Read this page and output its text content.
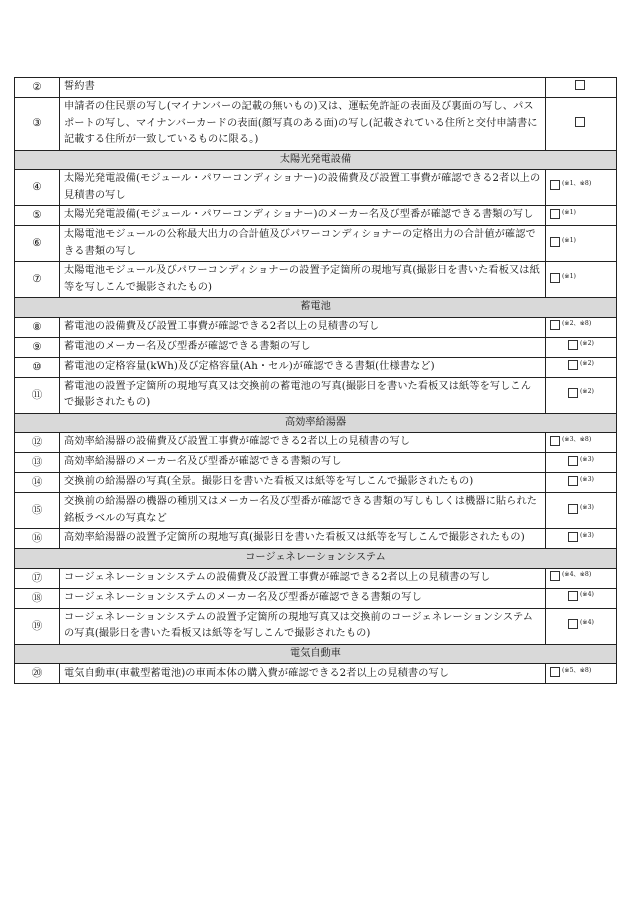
②	誓約書	
③	申請者の住民票の写し(マイナンバーの記載の無いもの)又は、運転免許証の表面及び裏面の写し、パスポートの写し、マイナンバーカードの表面(顔写真のある面)の写し(記載されている住所と交付申請書に記載する住所が一致しているものに限る。)	
太陽光発電設備		
④	太陽光発電設備(モジュール・パワーコンディショナー)の設備費及び設置工事費が確認できる2者以上の見積書の写し	$^{(※1、※8)}$
⑤	太陽光発電設備(モジュール・パワーコンディショナー)のメーカー名及び型番が確認できる書類の写し	$^{(※1)}$
⑥	太陽電池モジュールの公称最大出力の合計値及びパワーコンディショナーの定格出力の合計値が確認できる書類の写し	$^{(※1)}$
⑦	太陽電池モジュール及びパワーコンディショナーの設置予定箇所の現地写真(撮影日を書いた看板又は紙等を写しこんで撮影されたもの)	$^{(※1)}$
蓄電池		
⑧	蓄電池の設備費及び設置工事費が確認できる2者以上の見積書の写し	$^{(※2、※8)}$
⑨	蓄電池のメーカー名及び型番が確認できる書類の写し	$^{(※2)}$
⑩	蓄電池の定格容量(kWh)及び定格容量(Ah・セル)が確認できる書類(仕様書など)	$^{(※2)}$
⑪	蓄電池の設置予定箇所の現地写真又は交換前の蓄電池の写真(撮影日を書いた看板又は紙等を写しこんで撮影されたもの)	$^{(※2)}$
高効率給湯器		
⑫	高効率給湯器の設備費及び設置工事費が確認できる2者以上の見積書の写し	$^{(※3、※8)}$
⑬	高効率給湯器のメーカー名及び型番が確認できる書類の写し	$^{(※3)}$
⑭	交換前の給湯器の写真(全景。撮影日を書いた看板又は紙等を写しこんで撮影されたもの)	$^{(※3)}$
⑮	交換前の給湯器の機器の種別又はメーカー名及び型番が確認できる書類の写しもしくは機器に貼られた銘板ラベルの写真など	$^{(※3)}$
⑯	高効率給湯器の設置予定箇所の現地写真(撮影日を書いた看板又は紙等を写しこんで撮影されたもの)	$^{(※3)}$
コージェネレーションシステム		
⑰	コージェネレーションシステムの設備費及び設置工事費が確認できる2者以上の見積書の写し	$^{(※4、※8)}$
⑱	コージェネレーションシステムのメーカー名及び型番が確認できる書類の写し	$^{(※4)}$
⑲	コージェネレーションシステムの設置予定箇所の現地写真又は交換前のコージェネレーションシステムの写真(撮影日を書いた看板又は紙等を写しこんで撮影されたもの)	$^{(※4)}$
電気自動車		
⑳	電気自動車(車載型蓄電池)の車両本体の購入費が確認できる2者以上の見積書の写し	$^{(※5、※8)}$
